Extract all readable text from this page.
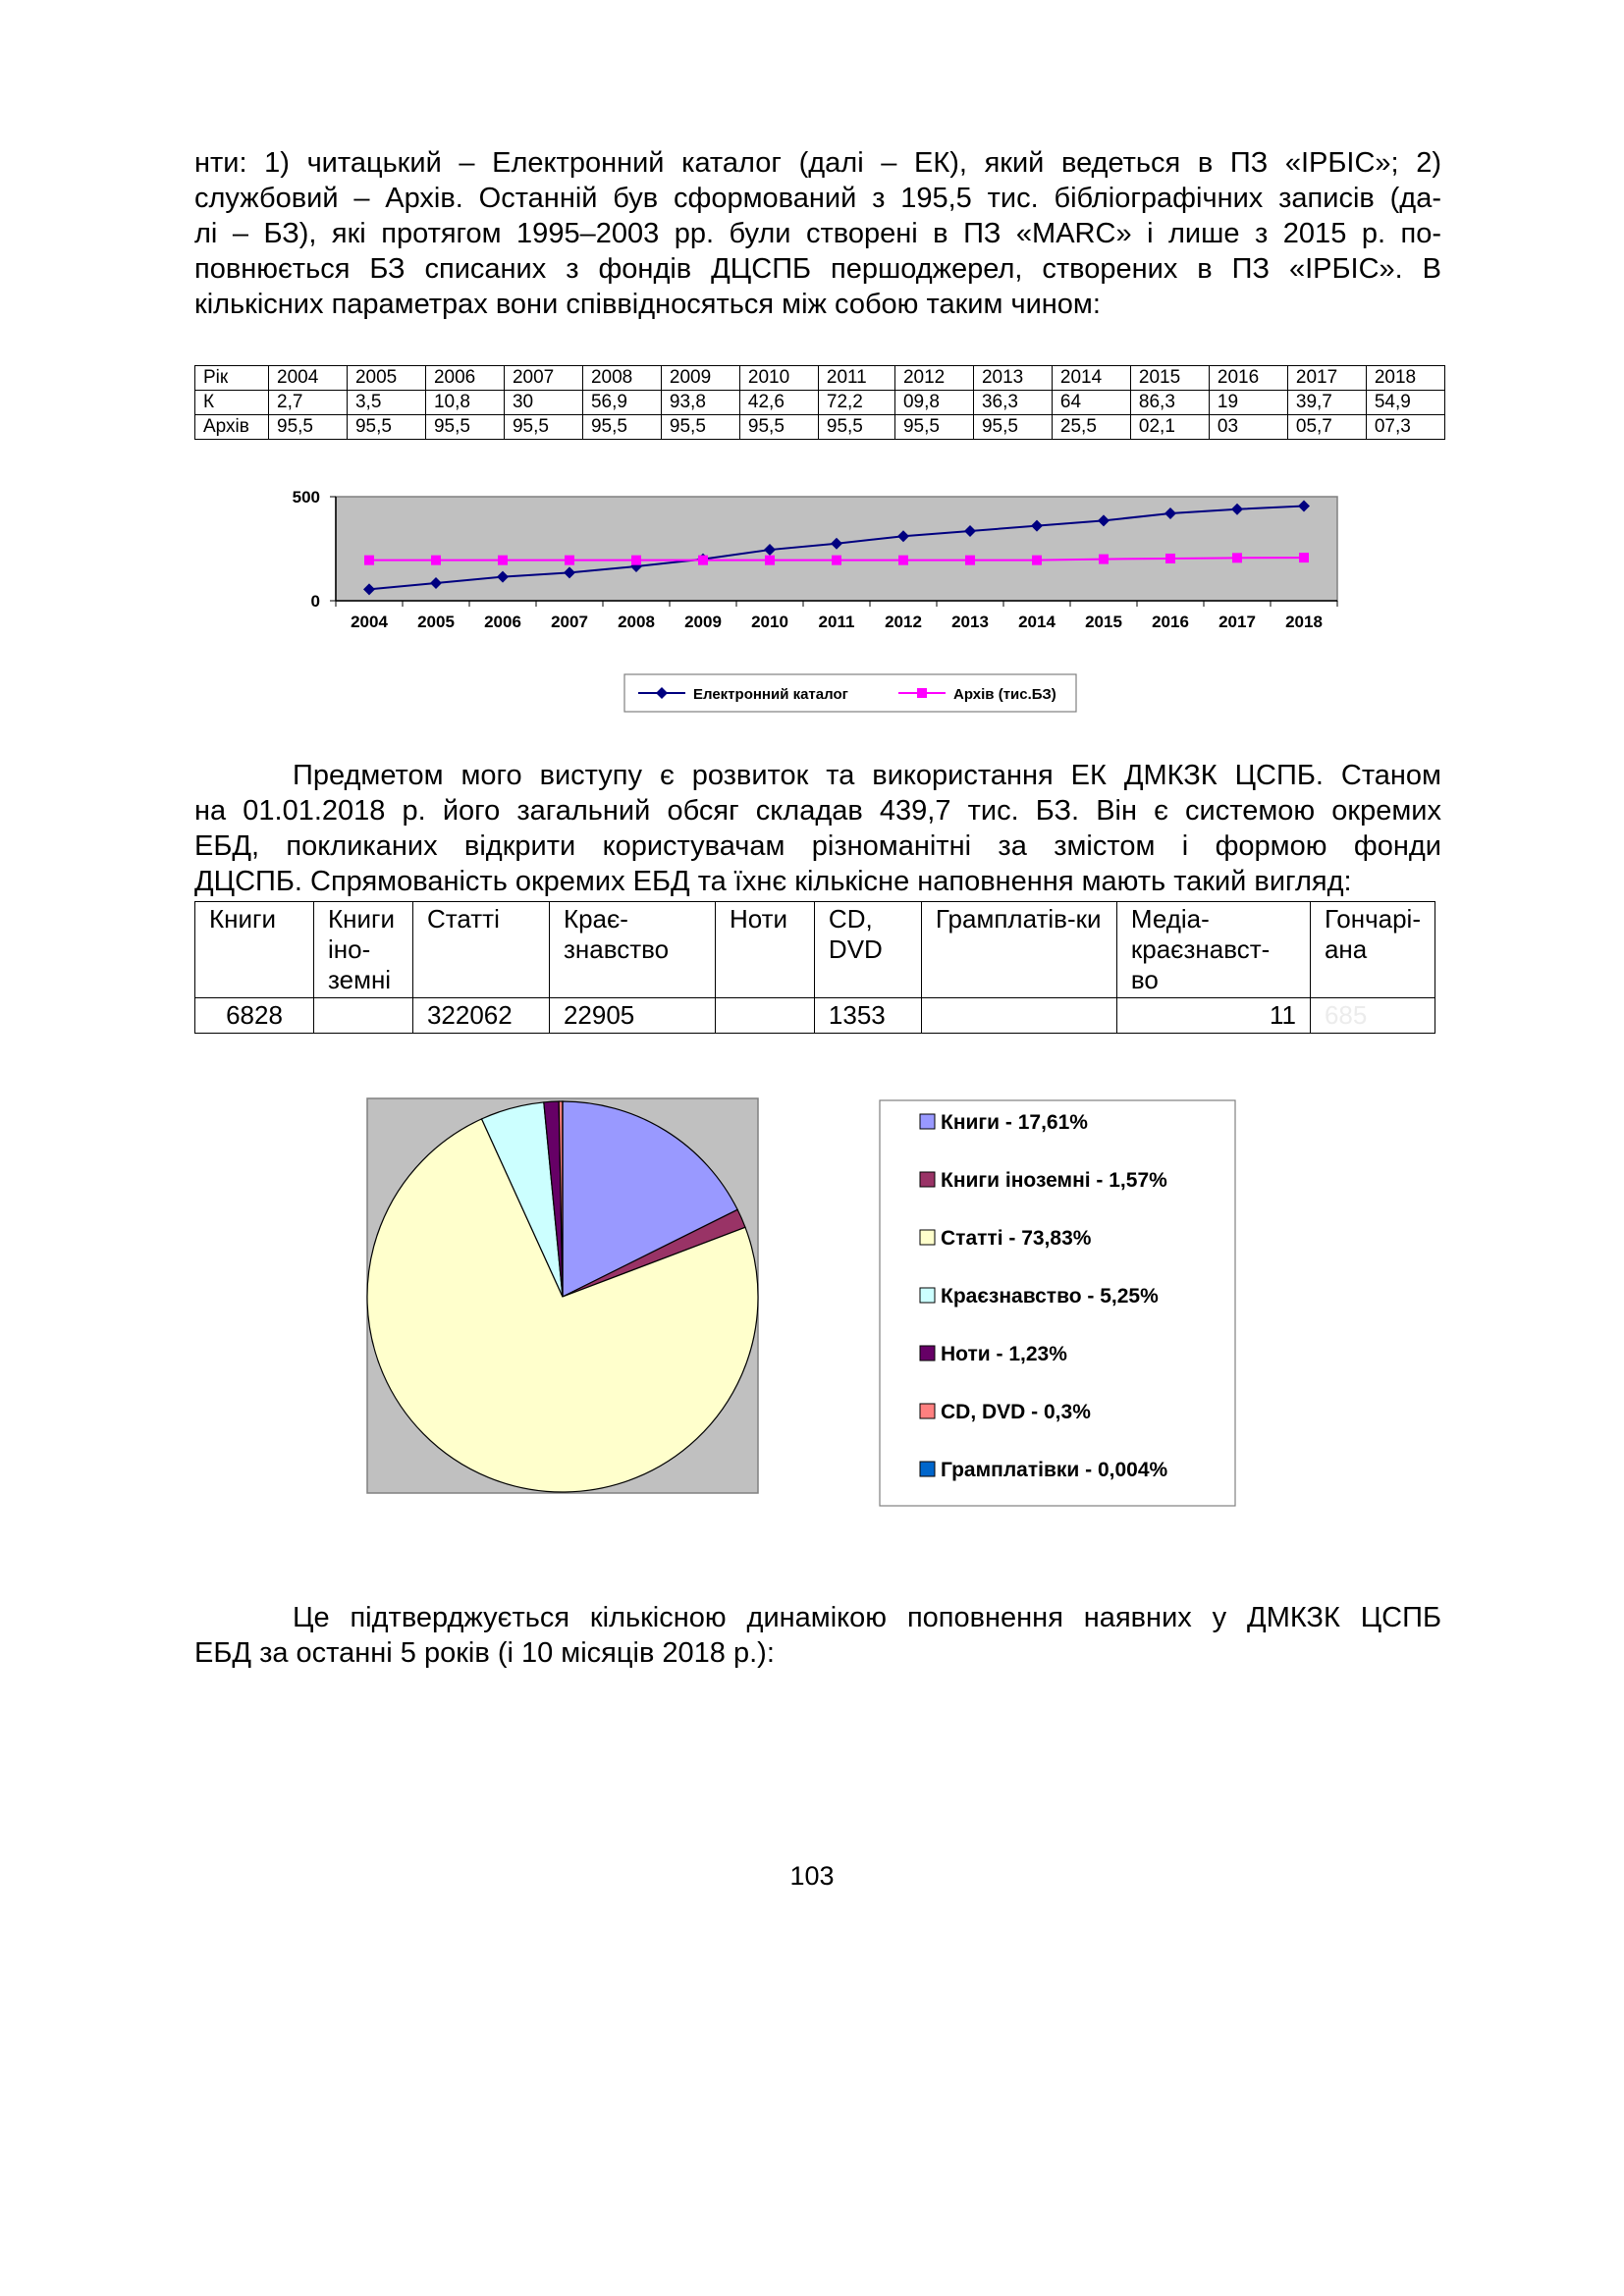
нти: 1) читацький – Електронний каталог (далі – ЕК), який ведеться в ПЗ «ІРБІС»; 2)
службовий – Архів. Останній був сформований з 195,5 тис. бібліографічних записів (да-
лі – БЗ), які протягом 1995–2003 рр. були створені в ПЗ «MARC» і лише з 2015 р. по-
повнюється БЗ списаних з фондів ДЦСПБ першоджерел, створених в ПЗ «ІРБІС». В
кількісних параметрах вони співвідносяться між собою таким чином:
Рік	2004	2005	2006	2007	2008	2009	2010	2011	2012	2013	2014	2015	2016	2017	2018
К	2,7	3,5	10,8	30	56,9	93,8	42,6	72,2	09,8	36,3	64	86,3	19	39,7	54,9
Архів	95,5	95,5	95,5	95,5	95,5	95,5	95,5	95,5	95,5	95,5	25,5	02,1	03	05,7	07,3
2004 2005 2006 2007 2008 2009 2010 2011 2012 2013 2014 2015 2016 2017 2018
0
500
Електронний каталог	Архів (тис.БЗ)
Предметом мого виступу є розвиток та використання ЕК ДМКЗК ЦСПБ. Станом
на 01.01.2018 р. його загальний обсяг складав 439,7 тис. БЗ. Він є системою окремих
ЕБД, покликаних відкрити користувачам різноманітні за змістом і формою фонди
ДЦСПБ. Спрямованість окремих ЕБД та їхнє кількісне наповнення мають такий вигляд:
Книги	Книги іно-земні	Статті	Крає-знавство	Ноти	CD, DVD	Грамплатів-ки	Медіа-краєзнавст-во	Гончарі-ана
6828		322062	22905		1353		11	685
Книги - 17,61%
Книги іноземні - 1,57%
Статті - 73,83%
Краєзнавство - 5,25%
Ноти - 1,23%
CD, DVD - 0,3%
Грамплатівки - 0,004%
Це підтверджується кількісною динамікою поповнення наявних у ДМКЗК ЦСПБ
ЕБД за останні 5 років (і 10 місяців 2018 р.):
103
